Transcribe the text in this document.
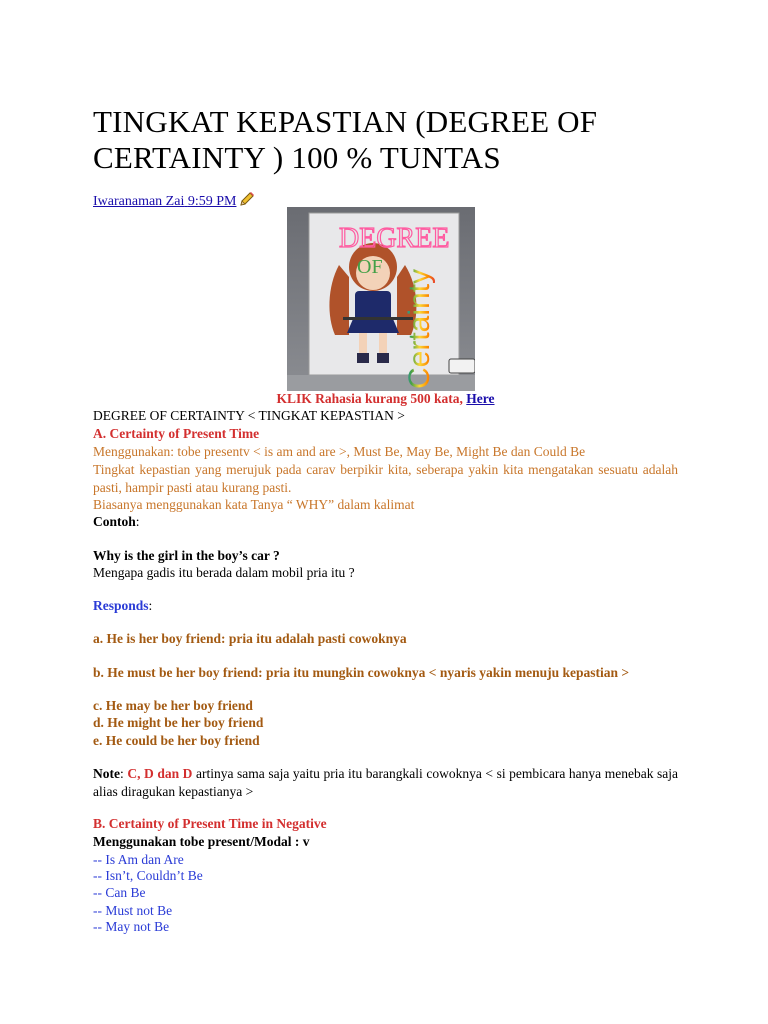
TINGKAT KEPASTIAN (DEGREE OF CERTAINTY ) 100 % TUNTAS
Iwaranaman Zai 9:59 PM
DEGREE
OF
Certainty

KLIK Rahasia kurang 500 kata, Here

DEGREE OF CERTAINTY < TINGKAT KEPASTIAN >

A. Certainty of Present Time

Menggunakan: tobe presentv < is am and are >, Must Be, May Be, Might Be dan Could Be

Tingkat kepastian yang merujuk pada carav berpikir kita, seberapa yakin kita mengatakan sesuatu adalah pasti, hampir pasti atau kurang pasti.

Biasanya menggunakan kata Tanya “ WHY” dalam kalimat

Contoh:

Why is the girl in the boy’s car ?

Mengapa gadis itu berada dalam mobil pria itu ?

Responds:

a. He is her boy friend: pria itu adalah pasti cowoknya

b. He must be her boy friend: pria itu mungkin cowoknya < nyaris yakin menuju kepastian >

c. He may be her boy friend

d. He might be her boy friend

e. He could be her boy friend

Note: C, D dan D artinya sama saja yaitu pria itu barangkali cowoknya < si pembicara hanya menebak saja alias diragukan kepastianya >

B. Certainty of Present Time in Negative

Menggunakan tobe present/Modal : v

-- Is Am dan Are

-- Isn’t, Couldn’t Be

-- Can Be

-- Must not Be

-- May not Be
